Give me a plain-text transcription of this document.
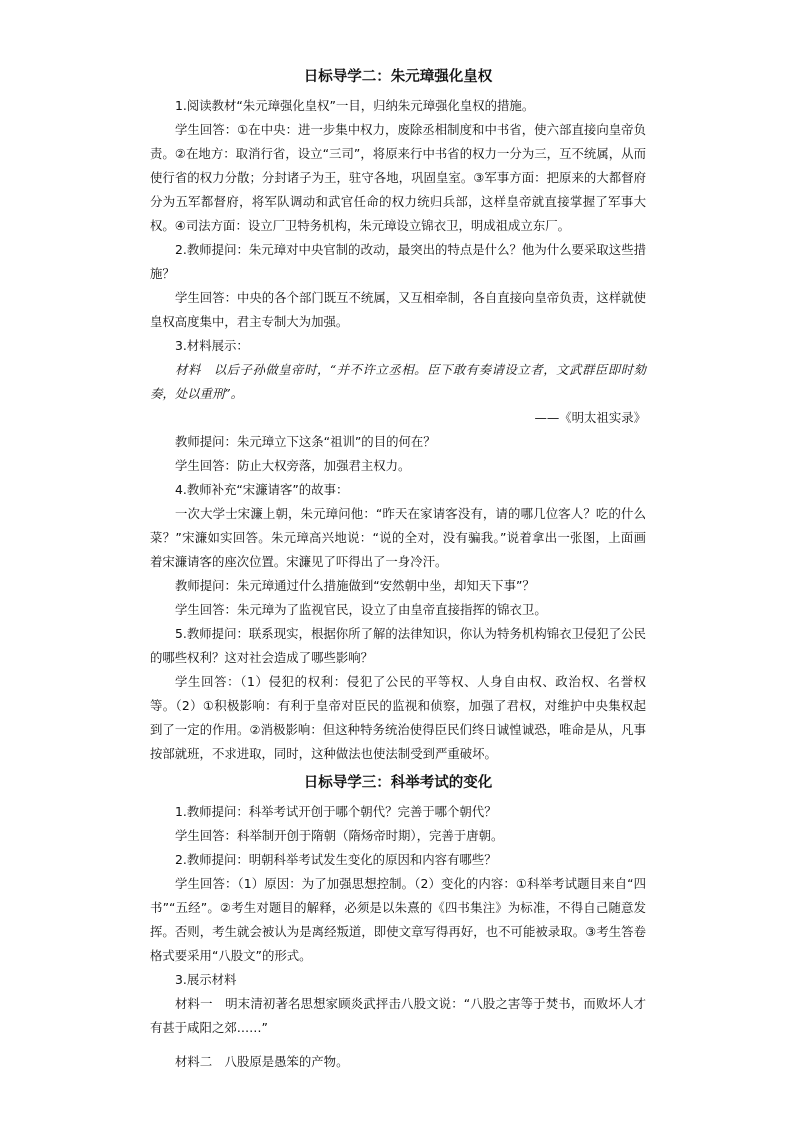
日标导学二：朱元璋强化皇权

1.阅读教材“朱元璋强化皇权”一目，归纳朱元璋强化皇权的措施。

学生回答：①在中央：进一步集中权力，废除丞相制度和中书省，使六部直接向皇帝负责。②在地方：取消行省，设立“三司”，将原来行中书省的权力一分为三，互不统属，从而使行省的权力分散；分封诸子为王，驻守各地，巩固皇室。③军事方面：把原来的大都督府分为五军都督府，将军队调动和武官任命的权力统归兵部，这样皇帝就直接掌握了军事大权。④司法方面：设立厂卫特务机构，朱元璋设立锦衣卫，明成祖成立东厂。

2.教师提问：朱元璋对中央官制的改动，最突出的特点是什么？他为什么要采取这些措施？

学生回答：中央的各个部门既互不统属，又互相牵制，各自直接向皇帝负责，这样就使皇权高度集中，君主专制大为加强。

3.材料展示：

材料　以后子孙做皇帝时，“并不许立丞相。臣下敢有奏请设立者，文武群臣即时劾奏，处以重刑”。

——《明太祖实录》

教师提问：朱元璋立下这条“祖训”的目的何在？

学生回答：防止大权旁落，加强君主权力。

4.教师补充“宋濂请客”的故事：

一次大学士宋濂上朝，朱元璋问他：“昨天在家请客没有，请的哪几位客人？吃的什么菜？”宋濂如实回答。朱元璋高兴地说：“说的全对，没有骗我。”说着拿出一张图，上面画着宋濂请客的座次位置。宋濂见了吓得出了一身冷汗。

教师提问：朱元璋通过什么措施做到“安然朝中坐，却知天下事”？

学生回答：朱元璋为了监视官民，设立了由皇帝直接指挥的锦衣卫。

5.教师提问：联系现实，根据你所了解的法律知识，你认为特务机构锦衣卫侵犯了公民的哪些权利？这对社会造成了哪些影响？

学生回答：（1）侵犯的权利：侵犯了公民的平等权、人身自由权、政治权、名誉权等。（2）①积极影响：有利于皇帝对臣民的监视和侦察，加强了君权，对维护中央集权起到了一定的作用。②消极影响：但这种特务统治使得臣民们终日诚惶诚恐，唯命是从，凡事按部就班，不求进取，同时，这种做法也使法制受到严重破坏。

日标导学三：科举考试的变化

1.教师提问：科举考试开创于哪个朝代？完善于哪个朝代？

学生回答：科举制开创于隋朝（隋炀帝时期），完善于唐朝。

2.教师提问：明朝科举考试发生变化的原因和内容有哪些？

学生回答：（1）原因：为了加强思想控制。（2）变化的内容：①科举考试题目来自“四书”“五经”。②考生对题目的解释，必须是以朱熹的《四书集注》为标准，不得自己随意发挥。否则，考生就会被认为是离经叛道，即使文章写得再好，也不可能被录取。③考生答卷格式要采用“八股文”的形式。

3.展示材料

材料一　明末清初著名思想家顾炎武抨击八股文说：“八股之害等于焚书，而败坏人才有甚于咸阳之郊……”

材料二　八股原是愚笨的产物。
